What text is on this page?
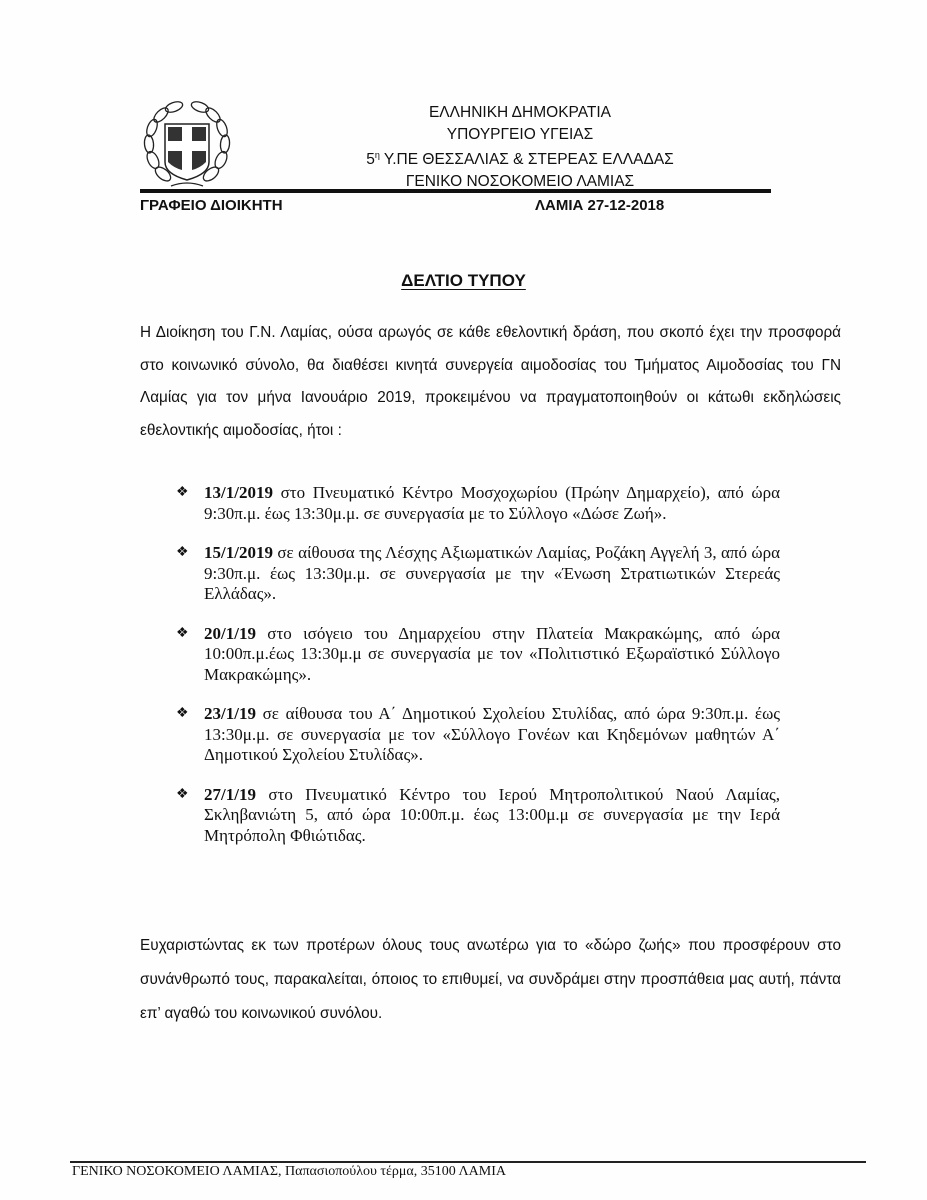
ΕΛΛΗΝΙΚΗ ΔΗΜΟΚΡΑΤΙΑ
ΥΠΟΥΡΓΕΙΟ ΥΓΕΙΑΣ
$5^\eta$ Υ.ΠΕ ΘΕΣΣΑΛΙΑΣ & ΣΤΕΡΕΑΣ ΕΛΛΑΔΑΣ
ΓΕΝΙΚΟ ΝΟΣΟΚΟΜΕΙΟ ΛΑΜΙΑΣ
ΓΡΑΦΕΙΟ ΔΙΟΙΚΗΤΗ	ΛΑΜΙΑ 27-12-2018
ΔΕΛΤΙΟ ΤΥΠΟΥ
Η Διοίκηση του Γ.Ν. Λαμίας, ούσα αρωγός σε κάθε εθελοντική δράση, που σκοπό έχει την προσφορά στο κοινωνικό σύνολο, θα διαθέσει κινητά συνεργεία αιμοδοσίας του Τμήματος Αιμοδοσίας του ΓΝ Λαμίας για τον μήνα Ιανουάριο 2019, προκειμένου να πραγματοποιηθούν οι κάτωθι εκδηλώσεις εθελοντικής αιμοδοσίας, ήτοι :
❖ 13/1/2019 στο Πνευματικό Κέντρο Μοσχοχωρίου (Πρώην Δημαρχείο), από ώρα 9:30π.μ. έως 13:30μ.μ. σε συνεργασία με το Σύλλογο «Δώσε Ζωή».
❖ 15/1/2019 σε αίθουσα της Λέσχης Αξιωματικών Λαμίας, Ροζάκη Αγγελή 3, από ώρα 9:30π.μ. έως 13:30μ.μ. σε συνεργασία με την «Ένωση Στρατιωτικών Στερεάς Ελλάδας».
❖ 20/1/19 στο ισόγειο του Δημαρχείου στην Πλατεία Μακρακώμης, από ώρα 10:00π.μ.έως 13:30μ.μ σε συνεργασία με τον «Πολιτιστικό Εξωραϊστικό Σύλλογο Μακρακώμης».
❖ 23/1/19 σε αίθουσα του Α΄ Δημοτικού Σχολείου Στυλίδας, από ώρα 9:30π.μ. έως 13:30μ.μ. σε συνεργασία με τον «Σύλλογο Γονέων και Κηδεμόνων μαθητών Α΄ Δημοτικού Σχολείου Στυλίδας».
❖ 27/1/19 στο Πνευματικό Κέντρο του Ιερού Μητροπολιτικού Ναού Λαμίας, Σκληβανιώτη 5, από ώρα 10:00π.μ. έως 13:00μ.μ σε συνεργασία με την Ιερά Μητρόπολη Φθιώτιδας.
Ευχαριστώντας εκ των προτέρων όλους τους ανωτέρω για το «δώρο ζωής» που προσφέρουν στο συνάνθρωπό τους, παρακαλείται, όποιος το επιθυμεί, να συνδράμει στην προσπάθεια μας αυτή, πάντα επ’ αγαθώ του κοινωνικού συνόλου.
ΓΕΝΙΚΟ ΝΟΣΟΚΟΜΕΙΟ ΛΑΜΙΑΣ, Παπασιοπούλου τέρμα, 35100 ΛΑΜΙΑ
